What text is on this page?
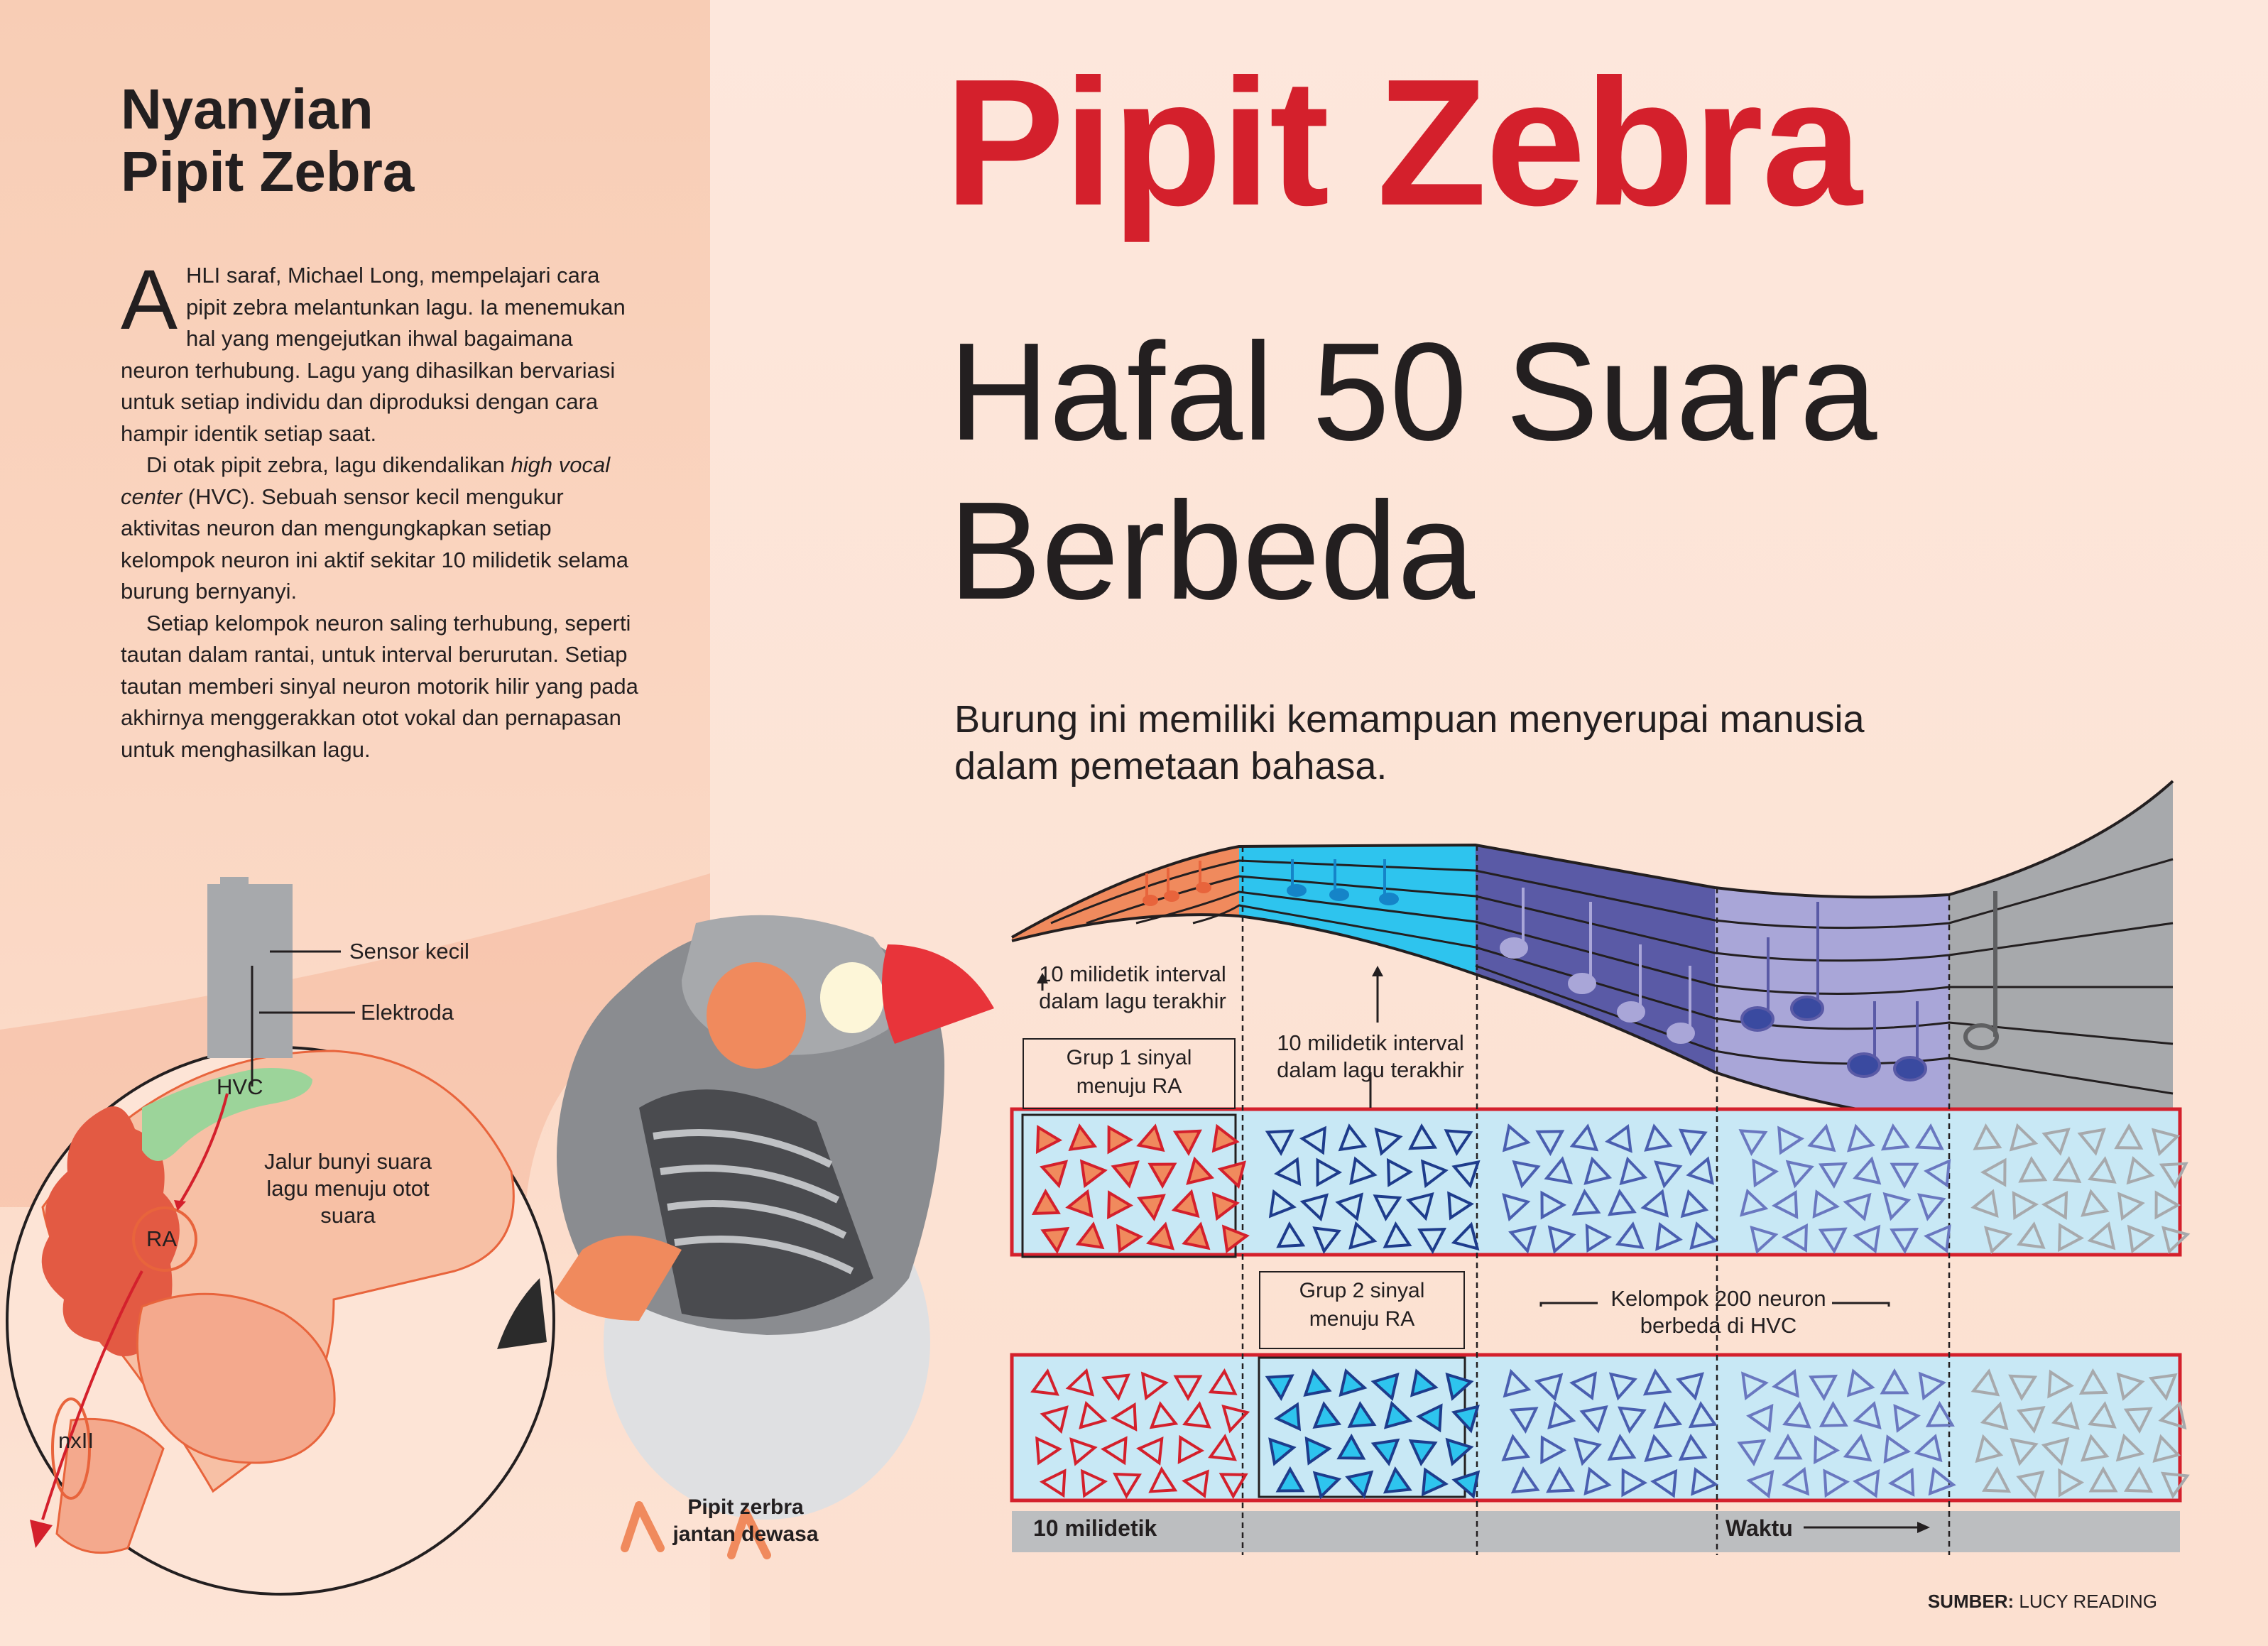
Nyanyian
Pipit Zebra

AHLI saraf, Michael Long, mempelajari cara pipit zebra melantunkan lagu. Ia menemukan hal yang mengejutkan ihwal bagaimana neuron terhubung. Lagu yang dihasilkan bervariasi untuk setiap individu dan diproduksi dengan cara hampir identik setiap saat.

Di otak pipit zebra, lagu dikendalikan high vocal center (HVC). Sebuah sensor kecil mengukur aktivitas neuron dan mengungkapkan setiap kelompok neuron ini aktif sekitar 10 milidetik selama burung bernyanyi.

Setiap kelompok neuron saling terhubung, seperti tautan dalam rantai, untuk interval berurutan. Setiap tautan memberi sinyal neuron motorik hilir yang pada akhirnya menggerakkan otot vokal dan pernapasan untuk menghasilkan lagu.

Pipit Zebra
Hafal 50 Suara
Berbeda

Burung ini memiliki kemampuan menyerupai manusia
dalam pemetaan bahasa.

Sensor kecil
Elektroda
HVC
Jalur bunyi suara
lagu menuju otot
suara
RA
nxII
Pipit zerbra
jantan dewasa
10 milidetik interval
dalam lagu terakhir
10 milidetik interval
dalam lagu terakhir
Grup 1 sinyal
menuju RA
Grup 2 sinyal
menuju RA
Kelompok 200 neuron
berbeda di HVC
10 milidetik	Waktu
SUMBER: LUCY READING
